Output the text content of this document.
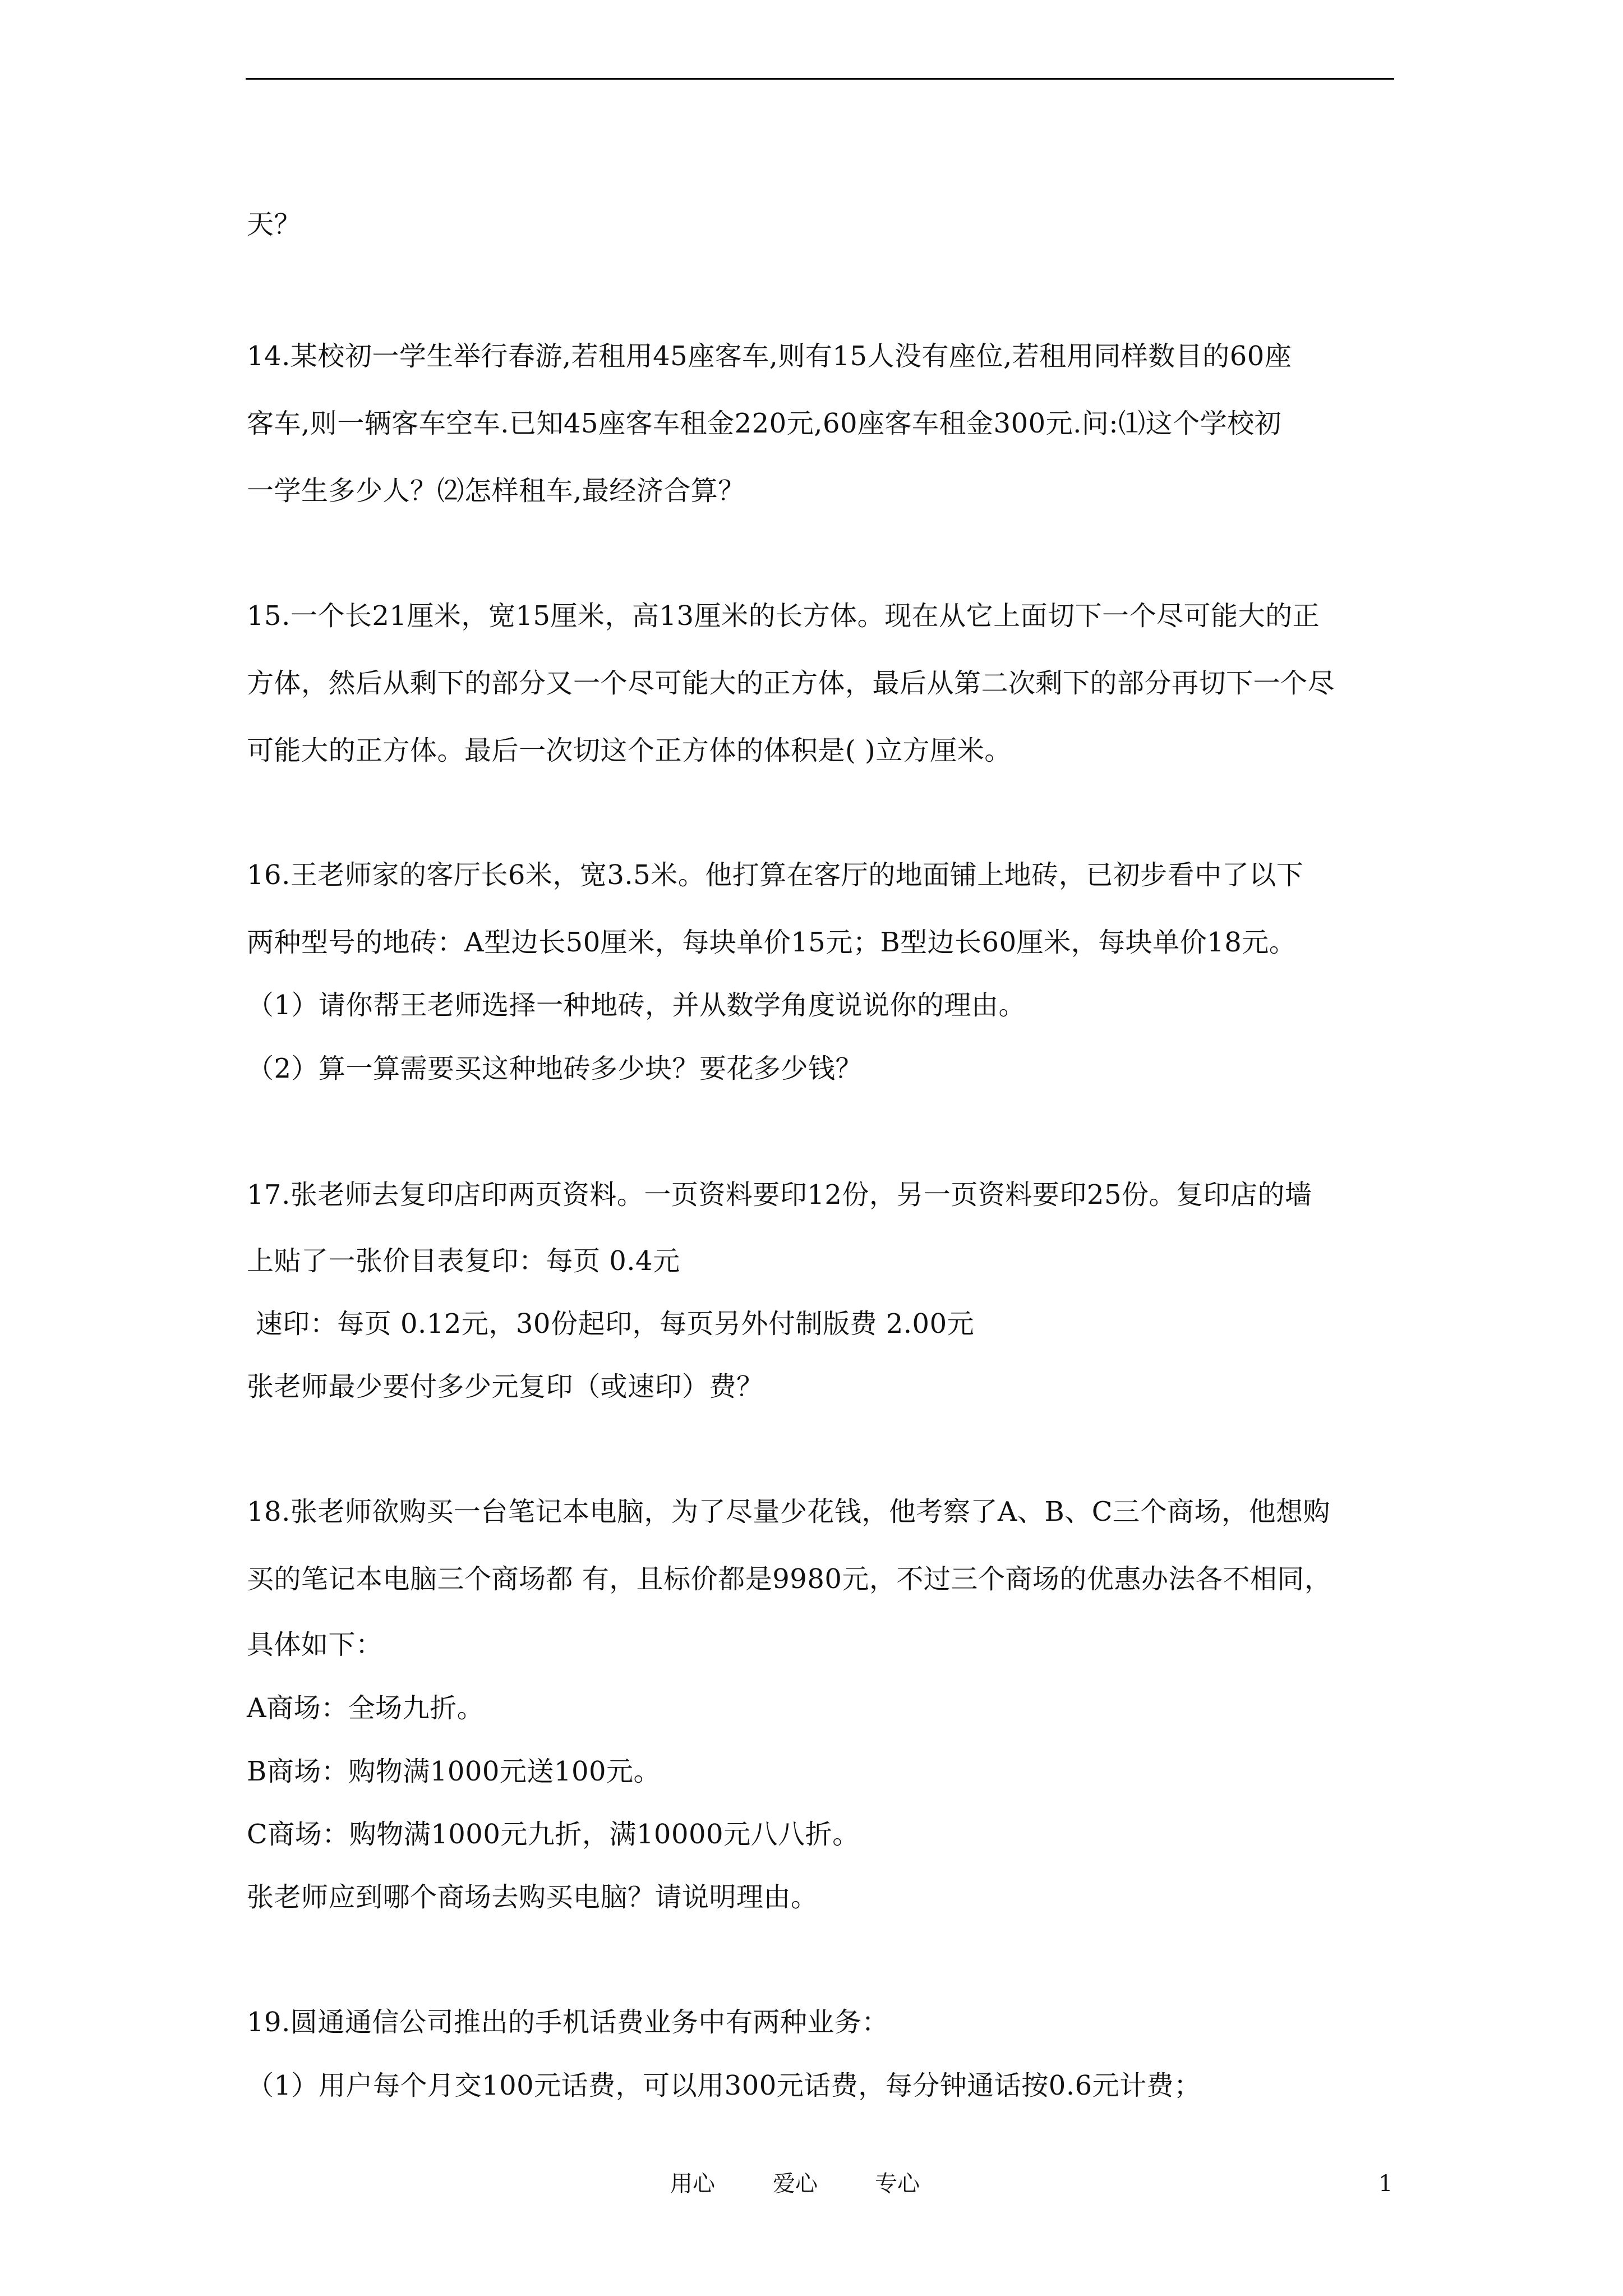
天？
14.某校初一学生举行春游,若租用45座客车,则有15人没有座位,若租用同样数目的60座
客车,则一辆客车空车.已知45座客车租金220元,60座客车租金300元.问:⑴这个学校初
一学生多少人？⑵怎样租车,最经济合算？
15.一个长21厘米，宽15厘米，高13厘米的长方体。现在从它上面切下一个尽可能大的正
方体，然后从剩下的部分又一个尽可能大的正方体，最后从第二次剩下的部分再切下一个尽
可能大的正方体。最后一次切这个正方体的体积是( )立方厘米。
16.王老师家的客厅长6米，宽3.5米。他打算在客厅的地面铺上地砖，已初步看中了以下
两种型号的地砖：A型边长50厘米，每块单价15元；B型边长60厘米，每块单价18元。
（1）请你帮王老师选择一种地砖，并从数学角度说说你的理由。
（2）算一算需要买这种地砖多少块？要花多少钱？
17.张老师去复印店印两页资料。一页资料要印12份，另一页资料要印25份。复印店的墙
上贴了一张价目表复印：每页 0.4元
速印：每页 0.12元，30份起印，每页另外付制版费 2.00元
张老师最少要付多少元复印（或速印）费？
18.张老师欲购买一台笔记本电脑，为了尽量少花钱，他考察了A、B、C三个商场，他想购
买的笔记本电脑三个商场都 有，且标价都是9980元，不过三个商场的优惠办法各不相同，
具体如下：
A商场：全场九折。
B商场：购物满1000元送100元。
C商场：购物满1000元九折，满10000元八八折。
张老师应到哪个商场去购买电脑？请说明理由。
19.圆通通信公司推出的手机话费业务中有两种业务：
（1）用户每个月交100元话费，可以用300元话费，每分钟通话按0.6元计费；
用心	爱心	专心	1
